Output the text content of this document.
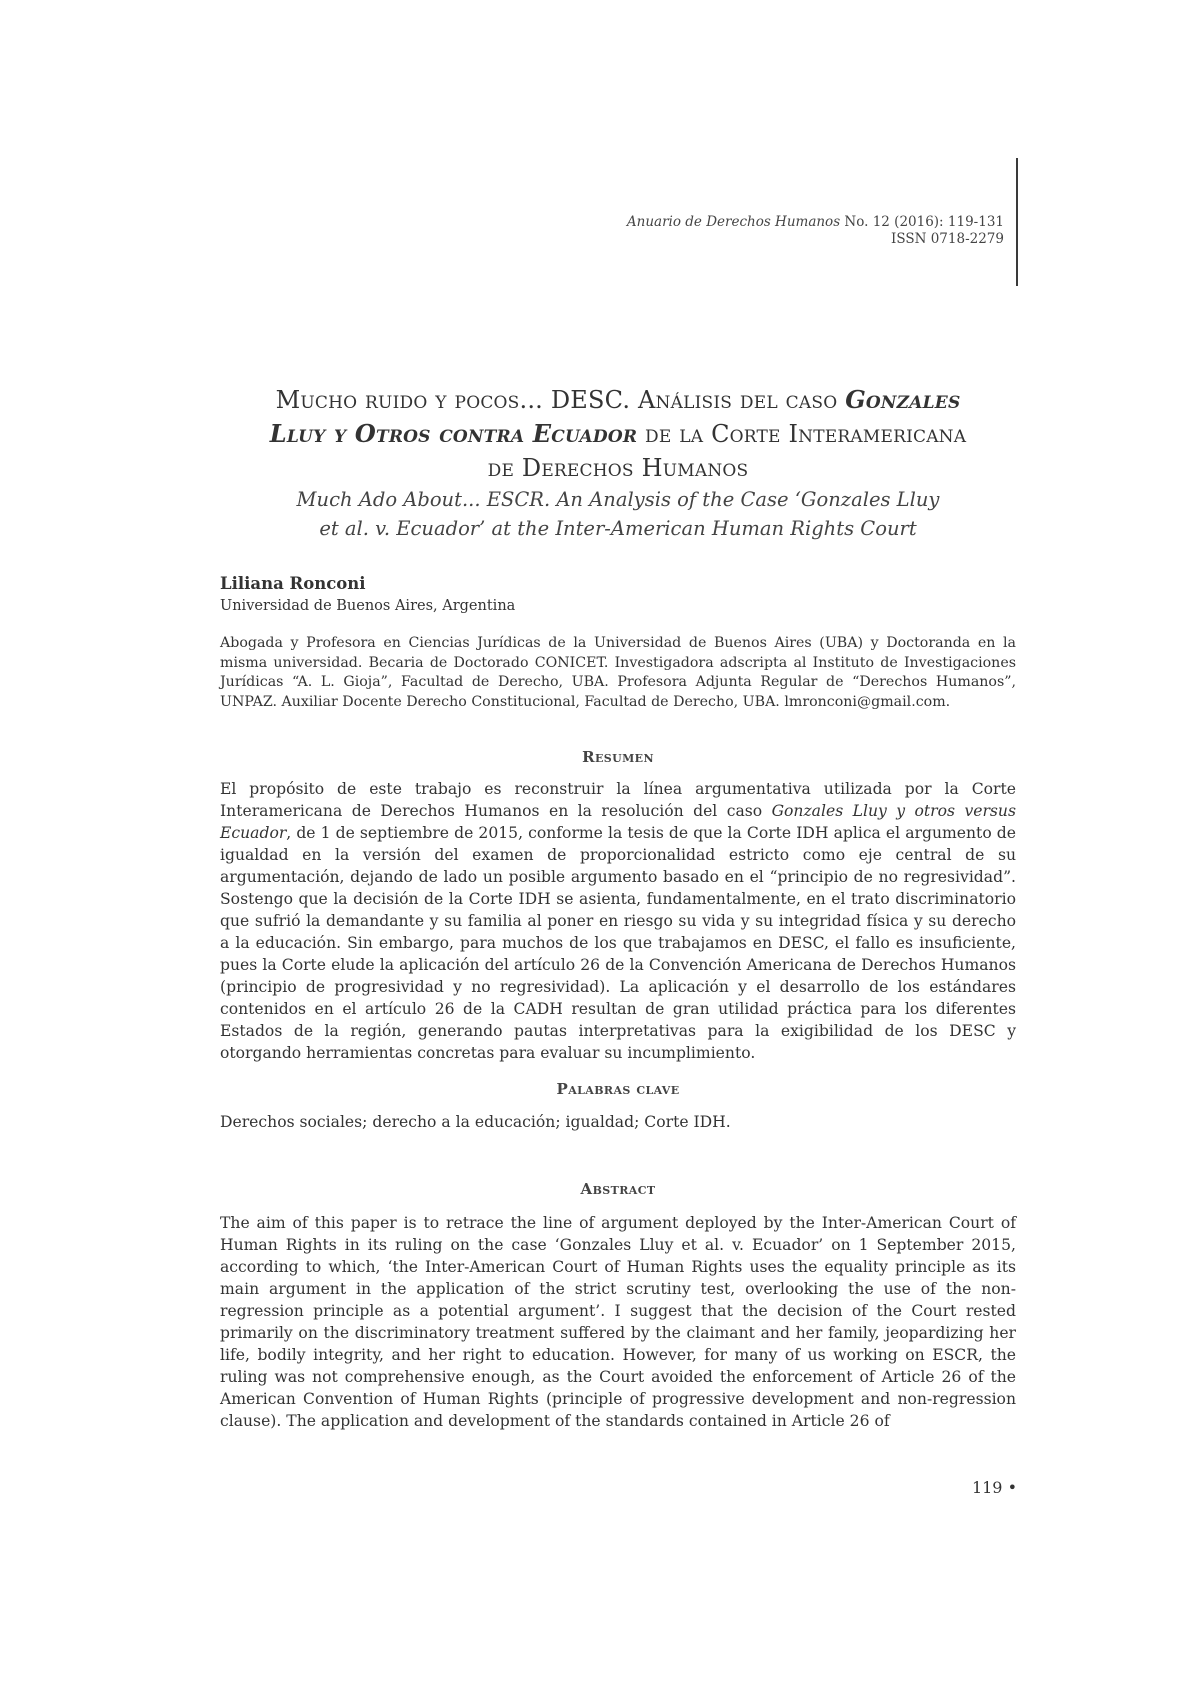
Anuario de Derechos Humanos No. 12 (2016): 119-131
ISSN 0718-2279
Mucho ruido y pocos... DESC. Análisis del caso Gonzales
Lluy y Otros contra Ecuador de la Corte Interamericana
de Derechos Humanos

Much Ado About... ESCR. An Analysis of the Case ‘Gonzales Lluy
et al. v. Ecuador’ at the Inter-American Human Rights Court

Liliana Ronconi

Universidad de Buenos Aires, Argentina

Abogada y Profesora en Ciencias Jurídicas de la Universidad de Buenos Aires (UBA) y Doctoranda en la misma universidad. Becaria de Doctorado CONICET. Investigadora adscripta al Instituto de Investigaciones Jurídicas “A. L. Gioja”, Facultad de Derecho, UBA. Profesora Adjunta Regular de “Derechos Humanos”, UNPAZ. Auxiliar Docente Derecho Constitucional, Facultad de Derecho, UBA. lmronconi@gmail.com.

Resumen

El propósito de este trabajo es reconstruir la línea argumentativa utilizada por la Corte Interamericana de Derechos Humanos en la resolución del caso Gonzales Lluy y otros versus Ecuador, de 1 de septiembre de 2015, conforme la tesis de que la Corte IDH aplica el argumento de igualdad en la versión del examen de proporcionalidad estricto como eje central de su argumentación, dejando de lado un posible argumento basado en el “principio de no regresividad”. Sostengo que la decisión de la Corte IDH se asienta, fundamentalmente, en el trato discriminatorio que sufrió la demandante y su familia al poner en riesgo su vida y su integridad física y su derecho a la educación. Sin embargo, para muchos de los que trabajamos en DESC, el fallo es insuficiente, pues la Corte elude la aplicación del artículo 26 de la Convención Americana de Derechos Humanos (principio de progresividad y no regresividad). La aplicación y el desarrollo de los estándares contenidos en el artículo 26 de la CADH resultan de gran utilidad práctica para los diferentes Estados de la región, generando pautas interpretativas para la exigibilidad de los DESC y otorgando herramientas concretas para evaluar su incumplimiento.

Palabras clave

Derechos sociales; derecho a la educación; igualdad; Corte IDH.

Abstract

The aim of this paper is to retrace the line of argument deployed by the Inter-American Court of Human Rights in its ruling on the case ‘Gonzales Lluy et al. v. Ecuador’ on 1 September 2015, according to which, ‘the Inter-American Court of Human Rights uses the equality principle as its main argument in the application of the strict scrutiny test, overlooking the use of the non-regression principle as a potential argument’. I suggest that the decision of the Court rested primarily on the discriminatory treatment suffered by the claimant and her family, jeopardizing her life, bodily integrity, and her right to education. However, for many of us working on ESCR, the ruling was not comprehensive enough, as the Court avoided the enforcement of Article 26 of the American Convention of Human Rights (principle of progressive development and non-regression clause). The application and development of the standards contained in Article 26 of

119 •
